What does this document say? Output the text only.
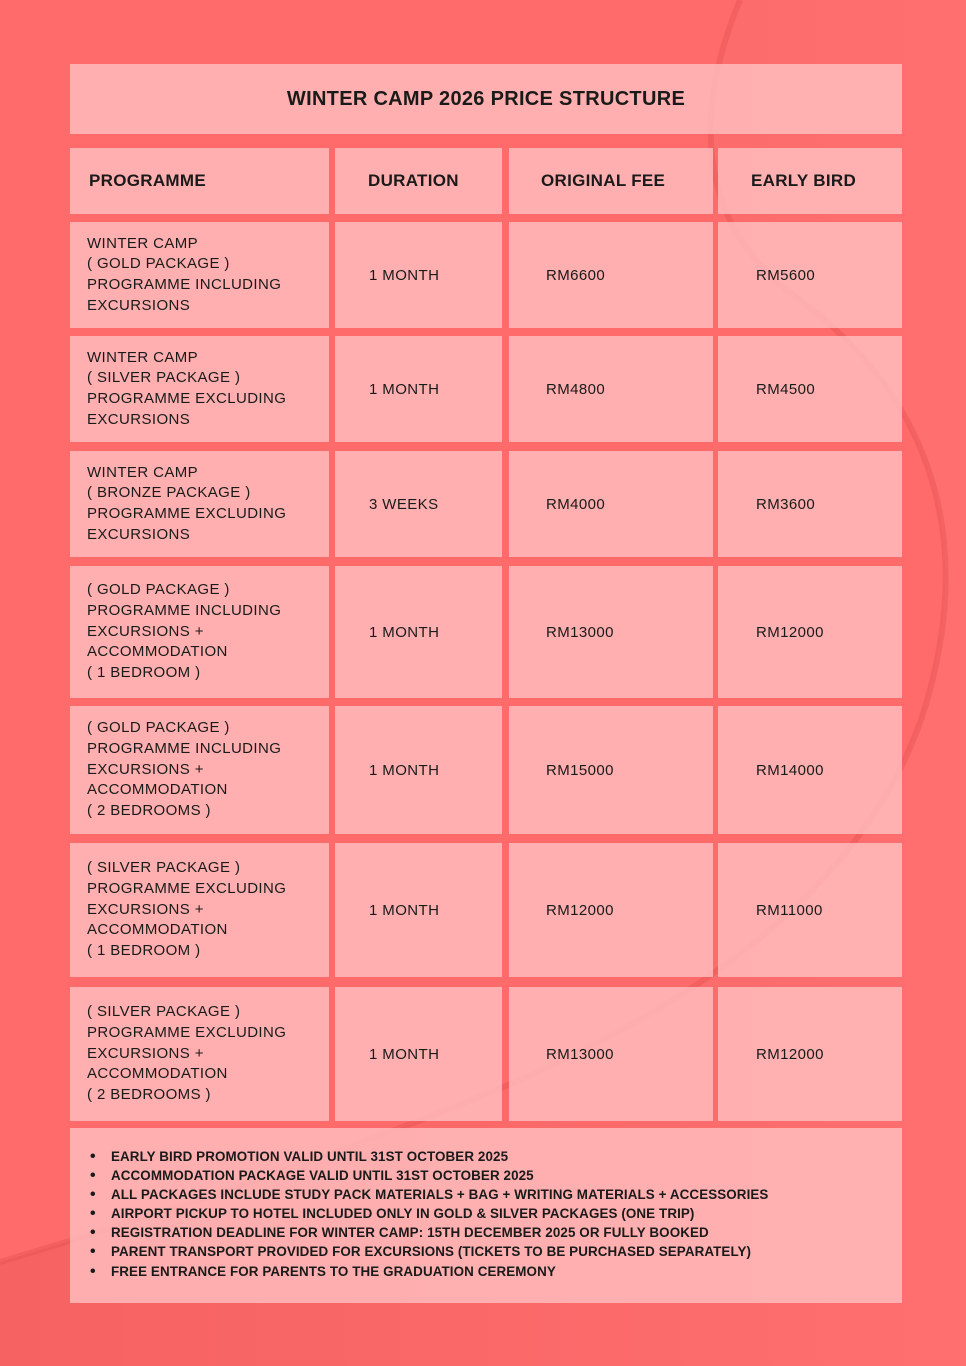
WINTER CAMP 2026 PRICE STRUCTURE
PROGRAMME	DURATION	ORIGINAL FEE	EARLY BIRD
WINTER CAMP
( GOLD PACKAGE )
PROGRAMME INCLUDING
EXCURSIONS
1 MONTH	RM6600	RM5600
WINTER CAMP
( SILVER PACKAGE )
PROGRAMME EXCLUDING
EXCURSIONS
1 MONTH	RM4800	RM4500
WINTER CAMP
( BRONZE PACKAGE )
PROGRAMME EXCLUDING
EXCURSIONS
3 WEEKS	RM4000	RM3600
( GOLD PACKAGE )
PROGRAMME INCLUDING
EXCURSIONS +
ACCOMMODATION
( 1 BEDROOM )
1 MONTH	RM13000	RM12000
( GOLD PACKAGE )
PROGRAMME INCLUDING
EXCURSIONS +
ACCOMMODATION
( 2 BEDROOMS )
1 MONTH	RM15000	RM14000
( SILVER PACKAGE )
PROGRAMME EXCLUDING
EXCURSIONS +
ACCOMMODATION
( 1 BEDROOM )
1 MONTH	RM12000	RM11000
( SILVER PACKAGE )
PROGRAMME EXCLUDING
EXCURSIONS +
ACCOMMODATION
( 2 BEDROOMS )
1 MONTH	RM13000	RM12000
• EARLY BIRD PROMOTION VALID UNTIL 31ST OCTOBER 2025
• ACCOMMODATION PACKAGE VALID UNTIL 31ST OCTOBER 2025
• ALL PACKAGES INCLUDE STUDY PACK MATERIALS + BAG + WRITING MATERIALS + ACCESSORIES
• AIRPORT PICKUP TO HOTEL INCLUDED ONLY IN GOLD & SILVER PACKAGES (ONE TRIP)
• REGISTRATION DEADLINE FOR WINTER CAMP: 15TH DECEMBER 2025 OR FULLY BOOKED
• PARENT TRANSPORT PROVIDED FOR EXCURSIONS (TICKETS TO BE PURCHASED SEPARATELY)
• FREE ENTRANCE FOR PARENTS TO THE GRADUATION CEREMONY
